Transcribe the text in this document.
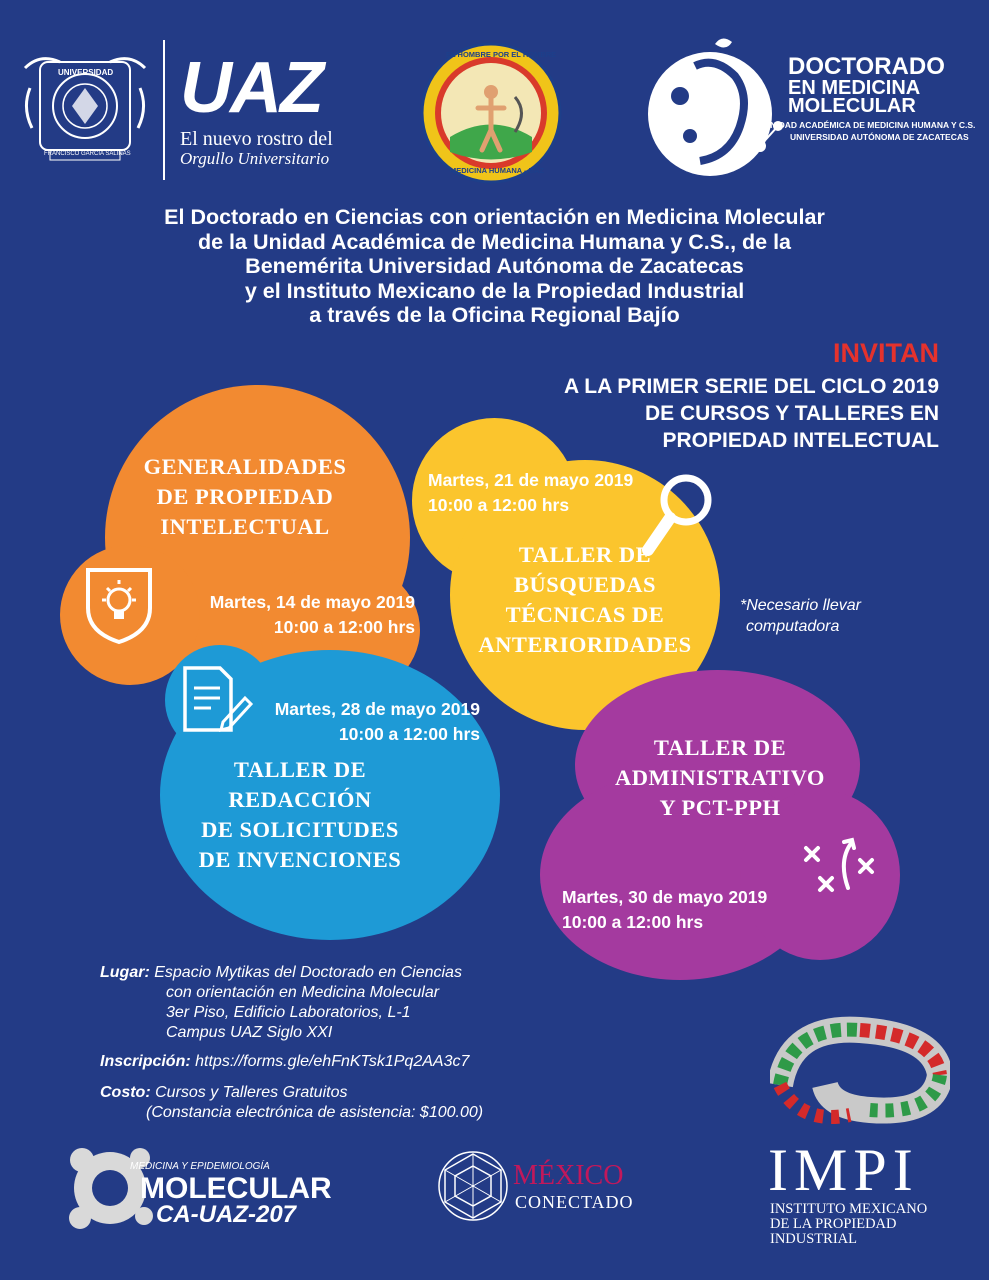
UNIVERSIDAD
FRANCISCO GARCIA SALINAS
UAZ
El nuevo rostro del
Orgullo Universitario
EL HOMBRE POR EL HOMBRE
MEDICINA HUMANA - UAZ
DOCTORADO
EN MEDICINA
MOLECULAR
UNIDAD ACADÉMICA DE MEDICINA HUMANA Y C.S.
UNIVERSIDAD AUTÓNOMA DE ZACATECAS
El Doctorado en Ciencias con orientación en Medicina Molecular
de la Unidad Académica de Medicina Humana y C.S., de la
Benemérita Universidad Autónoma de Zacatecas
y el Instituto Mexicano de la Propiedad Industrial
a través de la Oficina Regional Bajío
INVITAN
A LA PRIMER SERIE DEL CICLO 2019
DE CURSOS Y TALLERES EN
PROPIEDAD INTELECTUAL
GENERALIDADES
DE PROPIEDAD
INTELECTUAL
Martes, 14 de mayo 2019
10:00 a 12:00 hrs
Martes, 21 de mayo 2019
10:00 a 12:00 hrs
TALLER DE
BÚSQUEDAS
TÉCNICAS DE
ANTERIORIDADES
Martes, 28 de mayo 2019
10:00 a 12:00 hrs
TALLER DE
REDACCIÓN
DE SOLICITUDES
DE INVENCIONES
TALLER DE
ADMINISTRATIVO
Y PCT-PPH
Martes, 30 de mayo 2019
10:00 a 12:00 hrs
*Necesario llevar
computadora
Lugar: Espacio Mytikas del Doctorado en Ciencias
con orientación en Medicina Molecular
3er Piso, Edificio Laboratorios, L-1
Campus UAZ Siglo XXI
Inscripción: https://forms.gle/ehFnKTsk1Pq2AA3c7
Costo: Cursos y Talleres Gratuitos
(Constancia electrónica de asistencia: $100.00)
MEDICINA Y EPIDEMIOLOGÍA
MOLECULAR
CA-UAZ-207
MÉXICO
CONECTADO IMPI
INSTITUTO MEXICANO
DE LA PROPIEDAD
INDUSTRIAL
